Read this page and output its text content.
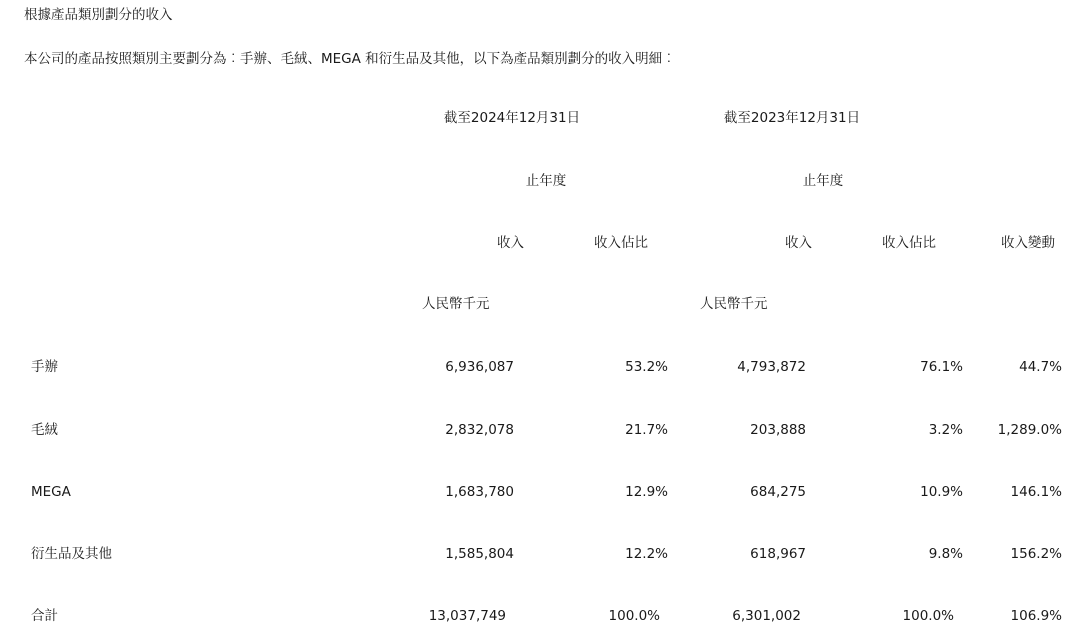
根據產品類別劃分的收入
本公司的產品按照類別主要劃分為︰手辦、毛絨、MEGA 和衍生品及其他，以下為產品類別劃分的收入明細︰
截至2024年12月31日	截至2023年12月31日
止年度	止年度
收入	收入佔比	收入	收入佔比	收入變動
人民幣千元	人民幣千元
手辦	6,936,087	53.2%	4,793,872	76.1%	44.7%
毛絨	2,832,078	21.7%	203,888	3.2%	1,289.0%
MEGA	1,683,780	12.9%	684,275	10.9%	146.1%
衍生品及其他	1,585,804	12.2%	618,967	9.8%	156.2%
合計	13,037,749	100.0%	6,301,002	100.0%	106.9%
